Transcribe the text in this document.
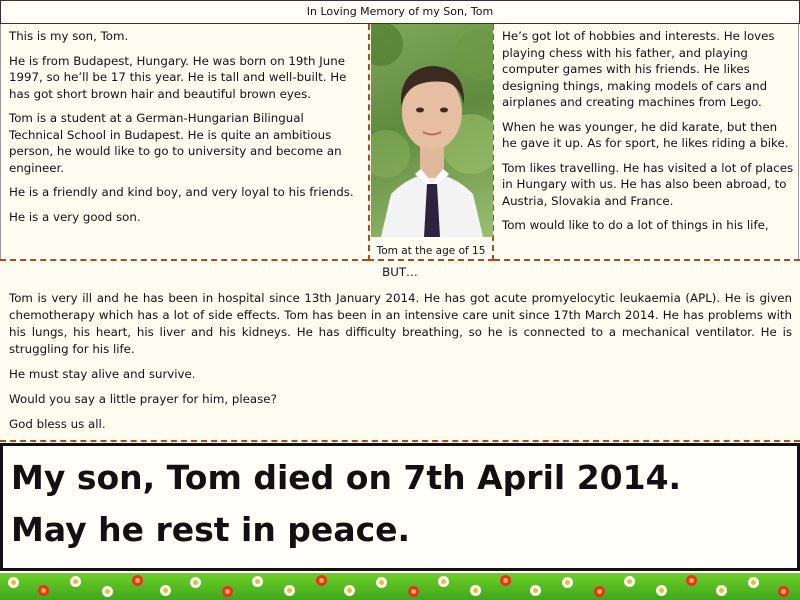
In Loving Memory of my Son, Tom

This is my son, Tom.

He is from Budapest, Hungary. He was born on 19th June 1997, so he’ll be 17 this year. He is tall and well-built. He has got short brown hair and beautiful brown eyes.

Tom is a student at a German-Hungarian Bilingual Technical School in Budapest. He is quite an ambitious person, he would like to go to university and become an engineer.

He is a friendly and kind boy, and very loyal to his friends.

He is a very good son.

Tom at the age of 15

He’s got lot of hobbies and interests. He loves playing chess with his father, and playing computer games with his friends. He likes designing things, making models of cars and airplanes and creating machines from Lego.

When he was younger, he did karate, but then he gave it up. As for sport, he likes riding a bike.

Tom likes travelling. He has visited a lot of places in Hungary with us. He has also been abroad, to Austria, Slovakia and France.

Tom would like to do a lot of things in his life,

BUT…

Tom is very ill and he has been in hospital since 13th January 2014. He has got acute promyelocytic leukaemia (APL). He is given chemotherapy which has a lot of side effects. Tom has been in an intensive care unit since 17th March 2014. He has problems with his lungs, his heart, his liver and his kidneys. He has difficulty breathing, so he is connected to a mechanical ventilator. He is struggling for his life.

He must stay alive and survive.

Would you say a little prayer for him, please?

God bless us all.

My son, Tom died on 7th April 2014.
May he rest in peace.
